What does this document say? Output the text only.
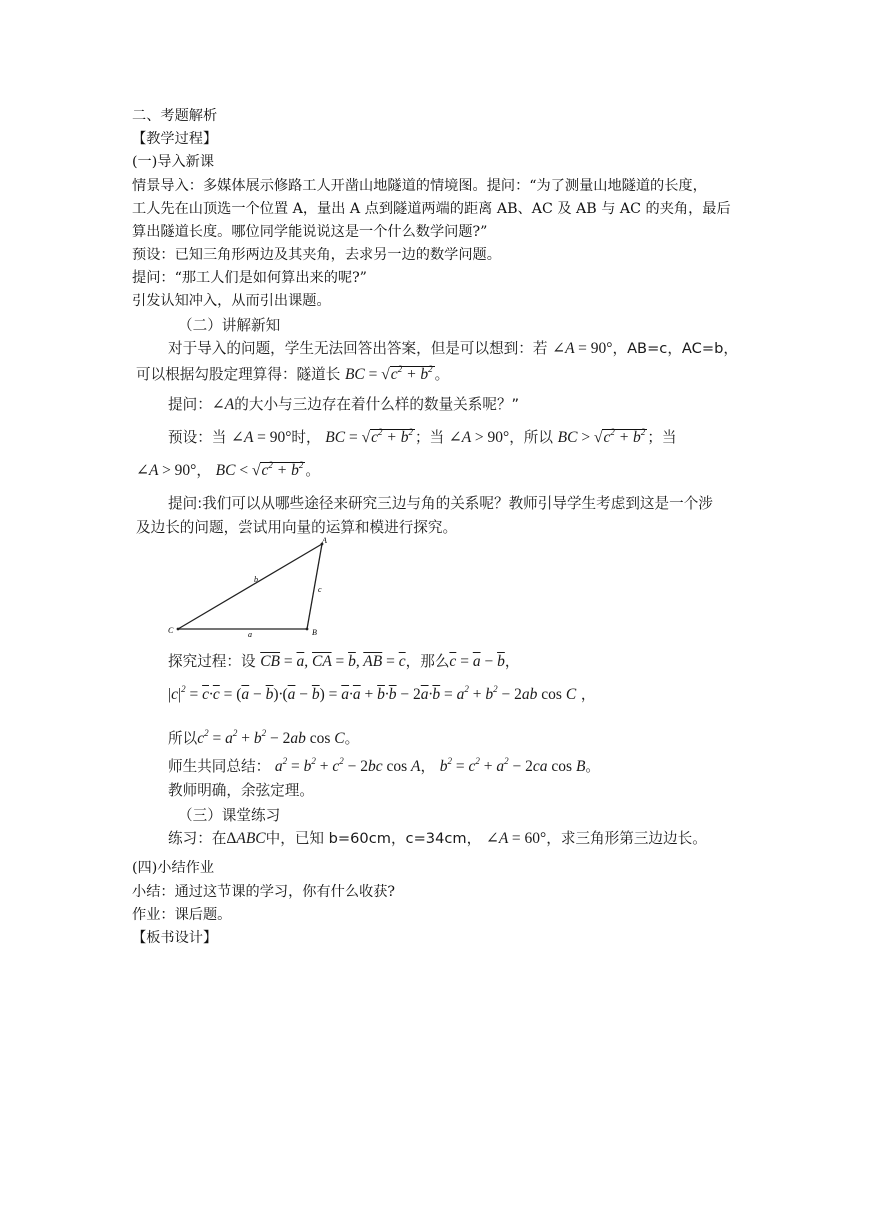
二、考题解析
【教学过程】
(一)导入新课
情景导入：多媒体展示修路工人开凿山地隧道的情境图。提问：“为了测量山地隧道的长度，
工人先在山顶选一个位置 A，量出 A 点到隧道两端的距离 AB、AC 及 AB 与 AC 的夹角，最后
算出隧道长度。哪位同学能说说这是一个什么数学问题?”
预设：已知三角形两边及其夹角，去求另一边的数学问题。
提问：“那工人们是如何算出来的呢?”
引发认知冲入，从而引出课题。
（二）讲解新知
对于导入的问题，学生无法回答出答案，但是可以想到：若 ∠A = 90°，AB=c，AC=b，
可以根据勾股定理算得：隧道长 BC = $√c^2 + b^2$ 。
提问：∠A的大小与三边存在着什么样的数量关系呢？”
预设：当 ∠A = 90°时， BC = $√c^2 + b^2$ ；当 ∠A > 90°，所以 BC > $√c^2 + b^2$ ；当
∠A > 90°， BC < $√c^2 + b^2$ 。
提问:我们可以从哪些途径来研究三边与角的关系呢？教师引导学生考虑到这是一个涉
及边长的问题，尝试用向量的运算和模进行探究。
A
B
C	a
b
c
探究过程：设 $\overline{CB} = \overline{a}$, $\overline{CA} = \overline{b}$, $\overline{AB} = \overline{c}$，那么$\overline{c} = \overline{a} - \overline{b}$，
$|c|^2 = \overline{c}\cdot\overline{c} = (\overline{a} - \overline{b})\cdot(\overline{a} - \overline{b}) = \overline{a}\cdot\overline{a} + \overline{b}\cdot\overline{b} - 2\overline{a}\cdot\overline{b} = a^2 + b^2 - 2ab$ cos C ，
所以$c^2 = a^2 + b^2 - 2ab$ cos C。
师生共同总结： $a^2 = b^2 + c^2 - 2bc$ cos A， $b^2 = c^2 + a^2 - 2ca$ cos B。
教师明确，余弦定理。
（三）课堂练习
练习：在ΔABC中，已知 b=60cm，c=34cm， ∠A = 60°，求三角形第三边边长。
(四)小结作业
小结：通过这节课的学习，你有什么收获?
作业：课后题。
【板书设计】
